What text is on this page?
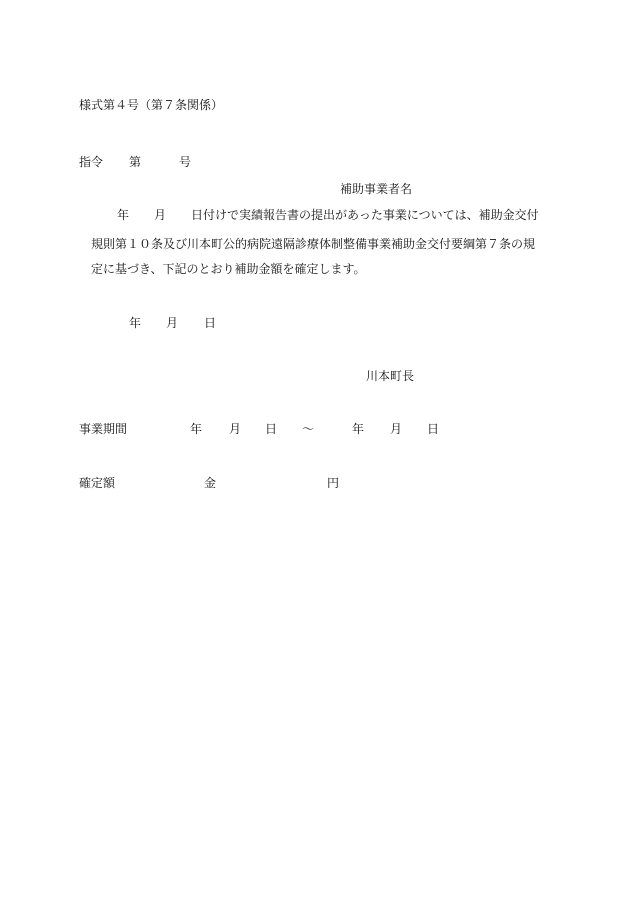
様式第４号（第７条関係）
指令 第	号
補助事業者名
年 月 日付けで実績報告書の提出があった事業については、補助金交付
規則第１０条及び川本町公的病院遠隔診療体制整備事業補助金交付要綱第７条の規
定に基づき、下記のとおり補助金額を確定します。
年 月 日
川本町長
事業期間	年 月 日 ～	年 月 日
確定額	金	円
